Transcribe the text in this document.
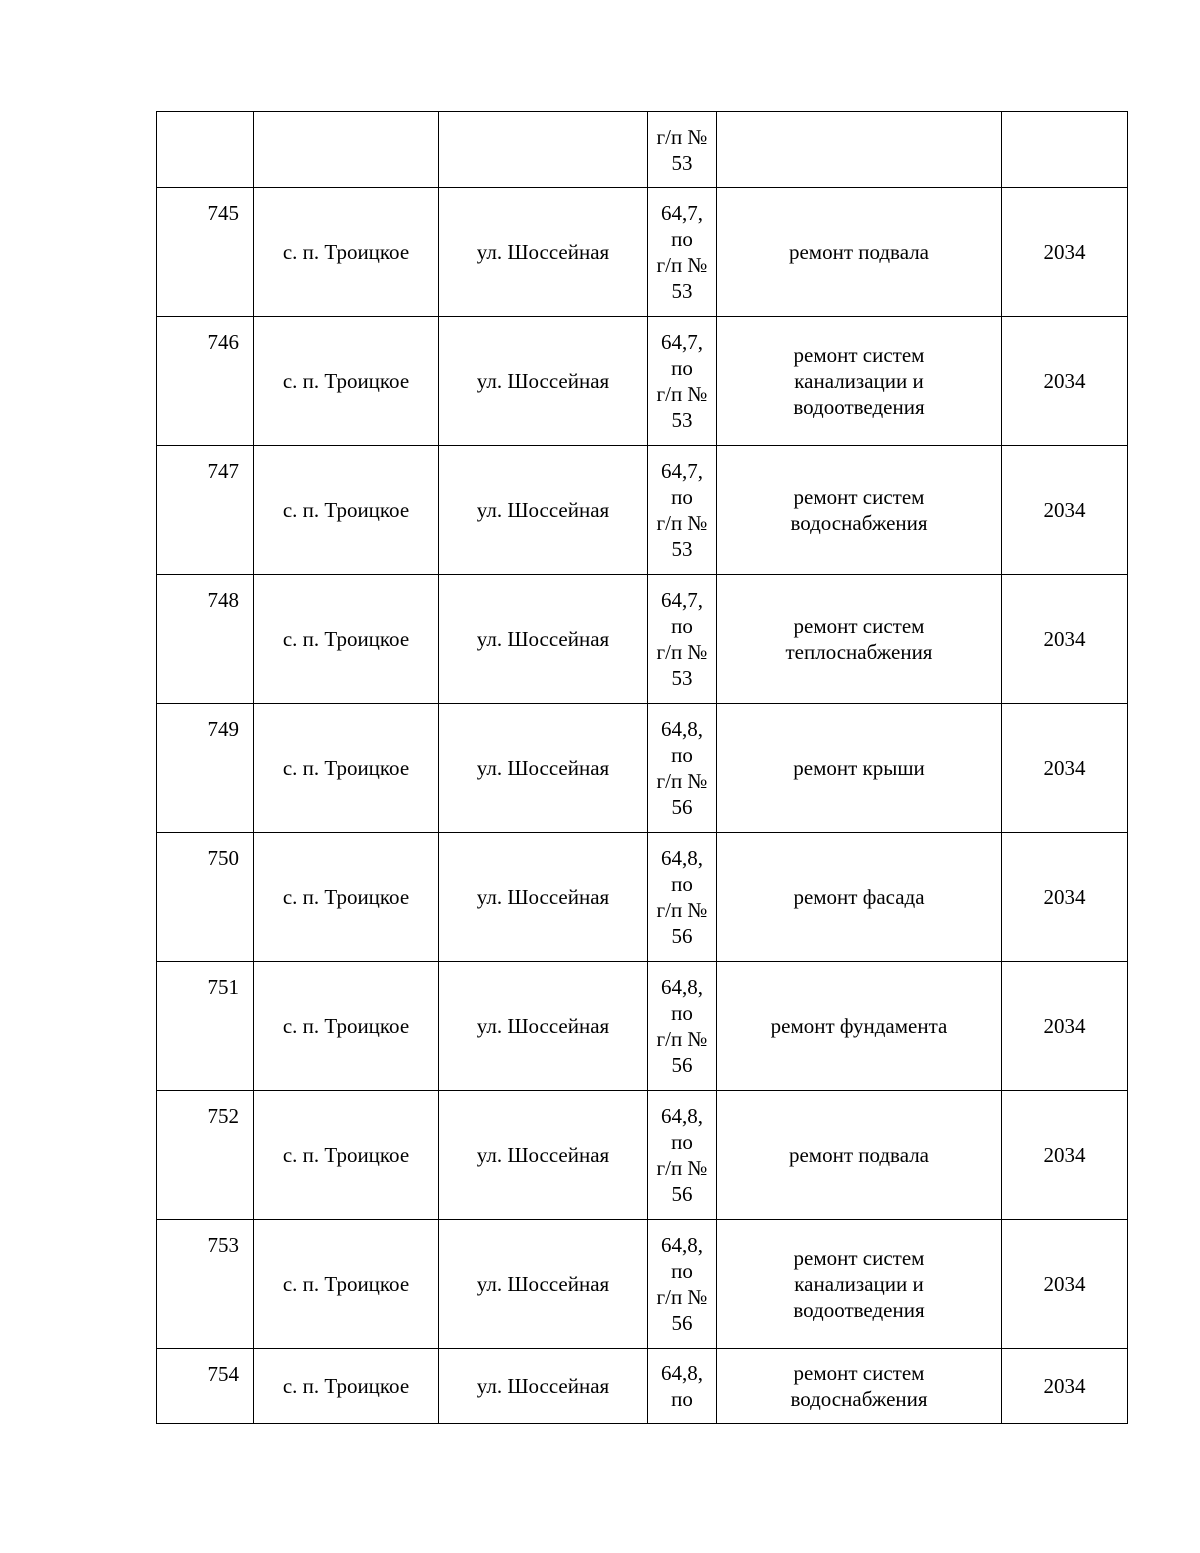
			г/п №
53		
745	с. п. Троицкое	ул. Шоссейная	64,7,
по
г/п №
53	ремонт подвала	2034
746	с. п. Троицкое	ул. Шоссейная	64,7,
по
г/п №
53	ремонт систем
канализации и
водоотведения	2034
747	с. п. Троицкое	ул. Шоссейная	64,7,
по
г/п №
53	ремонт систем
водоснабжения	2034
748	с. п. Троицкое	ул. Шоссейная	64,7,
по
г/п №
53	ремонт систем
теплоснабжения	2034
749	с. п. Троицкое	ул. Шоссейная	64,8,
по
г/п №
56	ремонт крыши	2034
750	с. п. Троицкое	ул. Шоссейная	64,8,
по
г/п №
56	ремонт фасада	2034
751	с. п. Троицкое	ул. Шоссейная	64,8,
по
г/п №
56	ремонт фундамента	2034
752	с. п. Троицкое	ул. Шоссейная	64,8,
по
г/п №
56	ремонт подвала	2034
753	с. п. Троицкое	ул. Шоссейная	64,8,
по
г/п №
56	ремонт систем
канализации и
водоотведения	2034
754	с. п. Троицкое	ул. Шоссейная	64,8,
по	ремонт систем
водоснабжения	2034
